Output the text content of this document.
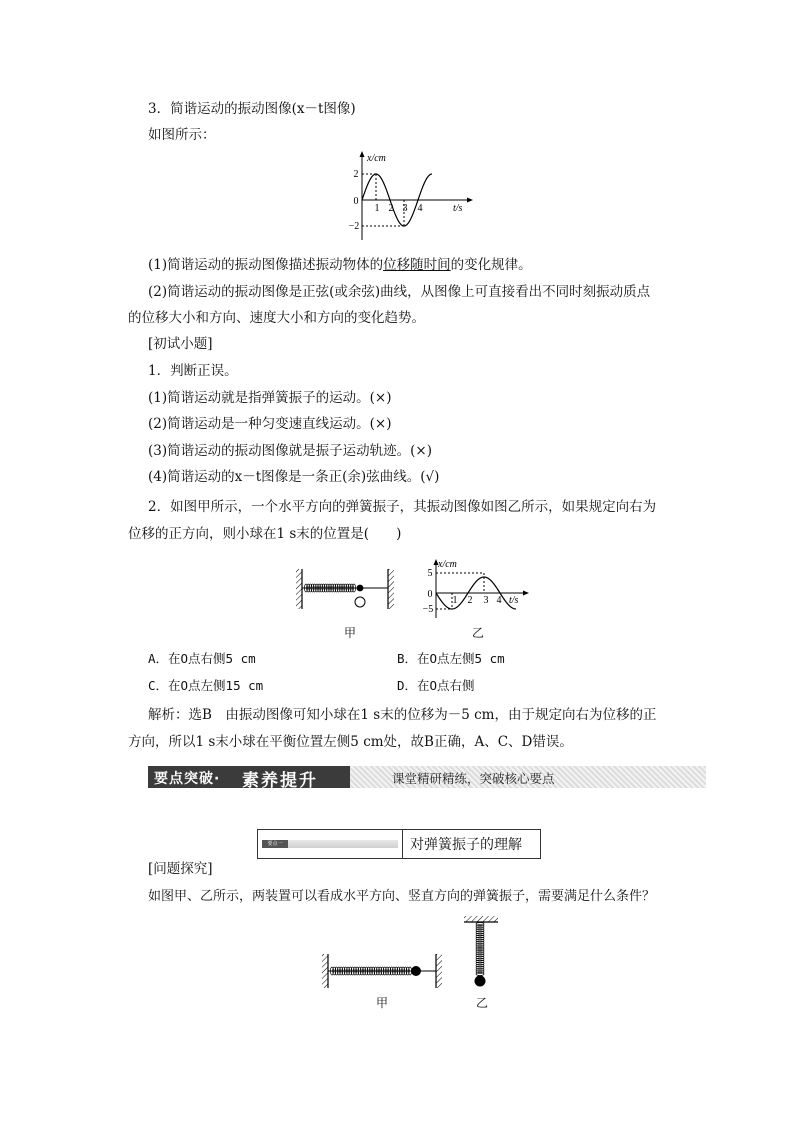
3．简谐运动的振动图像(x－t图像)
如图所示：
x/cm
t/s
0
2
−2
1 2 3 4
(1)简谐运动的振动图像描述振动物体的位移随时间的变化规律。
(2)简谐运动的振动图像是正弦(或余弦)曲线，从图像上可直接看出不同时刻振动质点
的位移大小和方向、速度大小和方向的变化趋势。
[初试小题]
1．判断正误。
(1)简谐运动就是指弹簧振子的运动。(×)
(2)简谐运动是一种匀变速直线运动。(×)
(3)简谐运动的振动图像就是振子运动轨迹。(×)
(4)简谐运动的x－t图像是一条正(余)弦曲线。(√)
2．如图甲所示，一个水平方向的弹簧振子，其振动图像如图乙所示，如果规定向右为
位移的正方向，则小球在1 s末的位置是(　　)
甲
x/cm
t/s
0
5
−5
1 2 3 4
乙
A．在O点右侧5 cm	B．在O点左侧5 cm
C．在O点左侧15 cm	D．在O点右侧
解析：选B　由振动图像可知小球在1 s末的位移为－5 cm，由于规定向右为位移的正
方向，所以1 s末小球在平衡位置左侧5 cm处，故B正确，A、C、D错误。
要点突破· 素养提升	课堂精研精练，突破核心要点
要点一	对弹簧振子的理解
[问题探究]
如图甲、乙所示，两装置可以看成水平方向、竖直方向的弹簧振子，需要满足什么条件？
甲	乙
